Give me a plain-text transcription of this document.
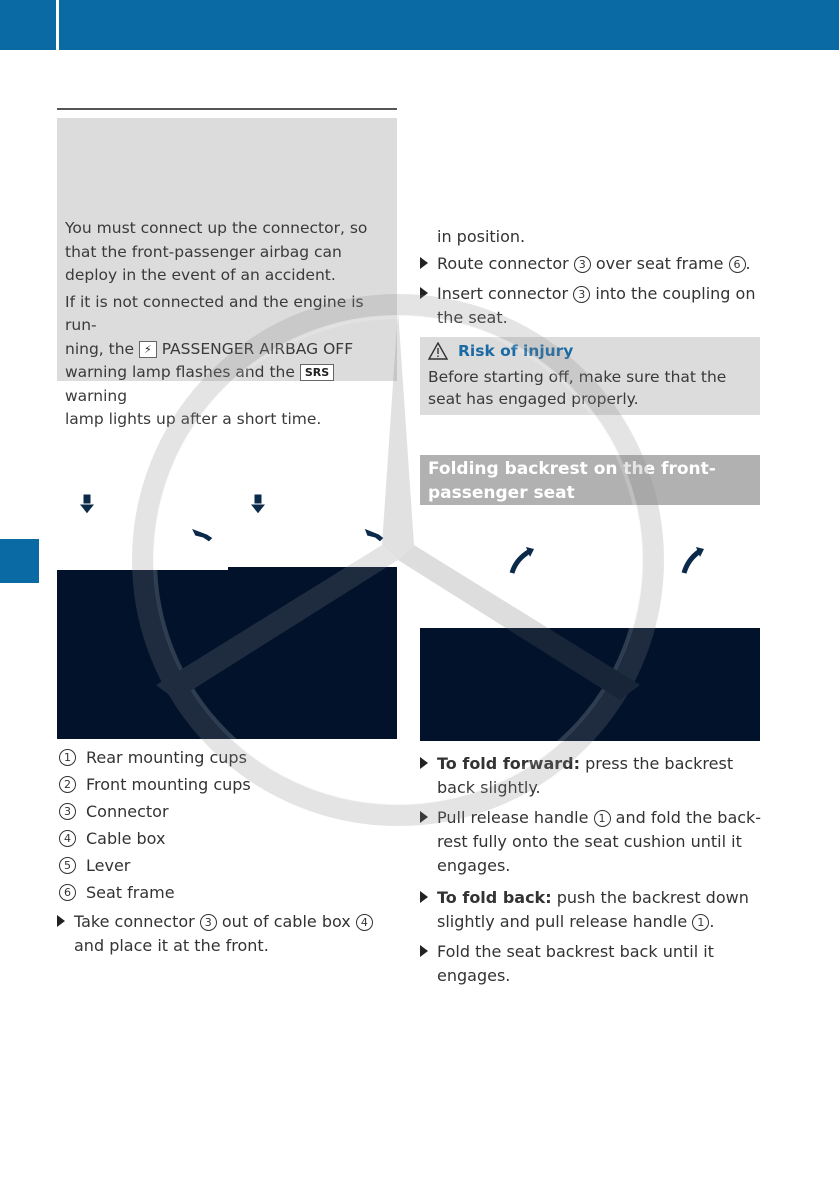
You must connect up the connector, so that the front-passenger airbag can deploy in the event of an accident.

If it is not connected and the engine is run-
ning, the ⚡ PASSENGER AIRBAG OFF
warning lamp flashes and the SRS warning
lamp lights up after a short time.

1 Rear mounting cups
2 Front mounting cups
3 Connector
4 Cable box
5 Lever
6 Seat frame
Take connector 3 out of cable box 4 and place it at the front.
in position.
Route connector 3 over seat frame 6 .
Insert connector 3 into the coupling on the seat.
Risk of injury
Before starting off, make sure that the seat has engaged properly.
Folding backrest on the front-passenger seat
To fold forward: press the backrest back slightly.
Pull release handle 1 and fold the back-rest fully onto the seat cushion until it engages.
To fold back: push the backrest down slightly and pull release handle 1 .
Fold the seat backrest back until it engages.
